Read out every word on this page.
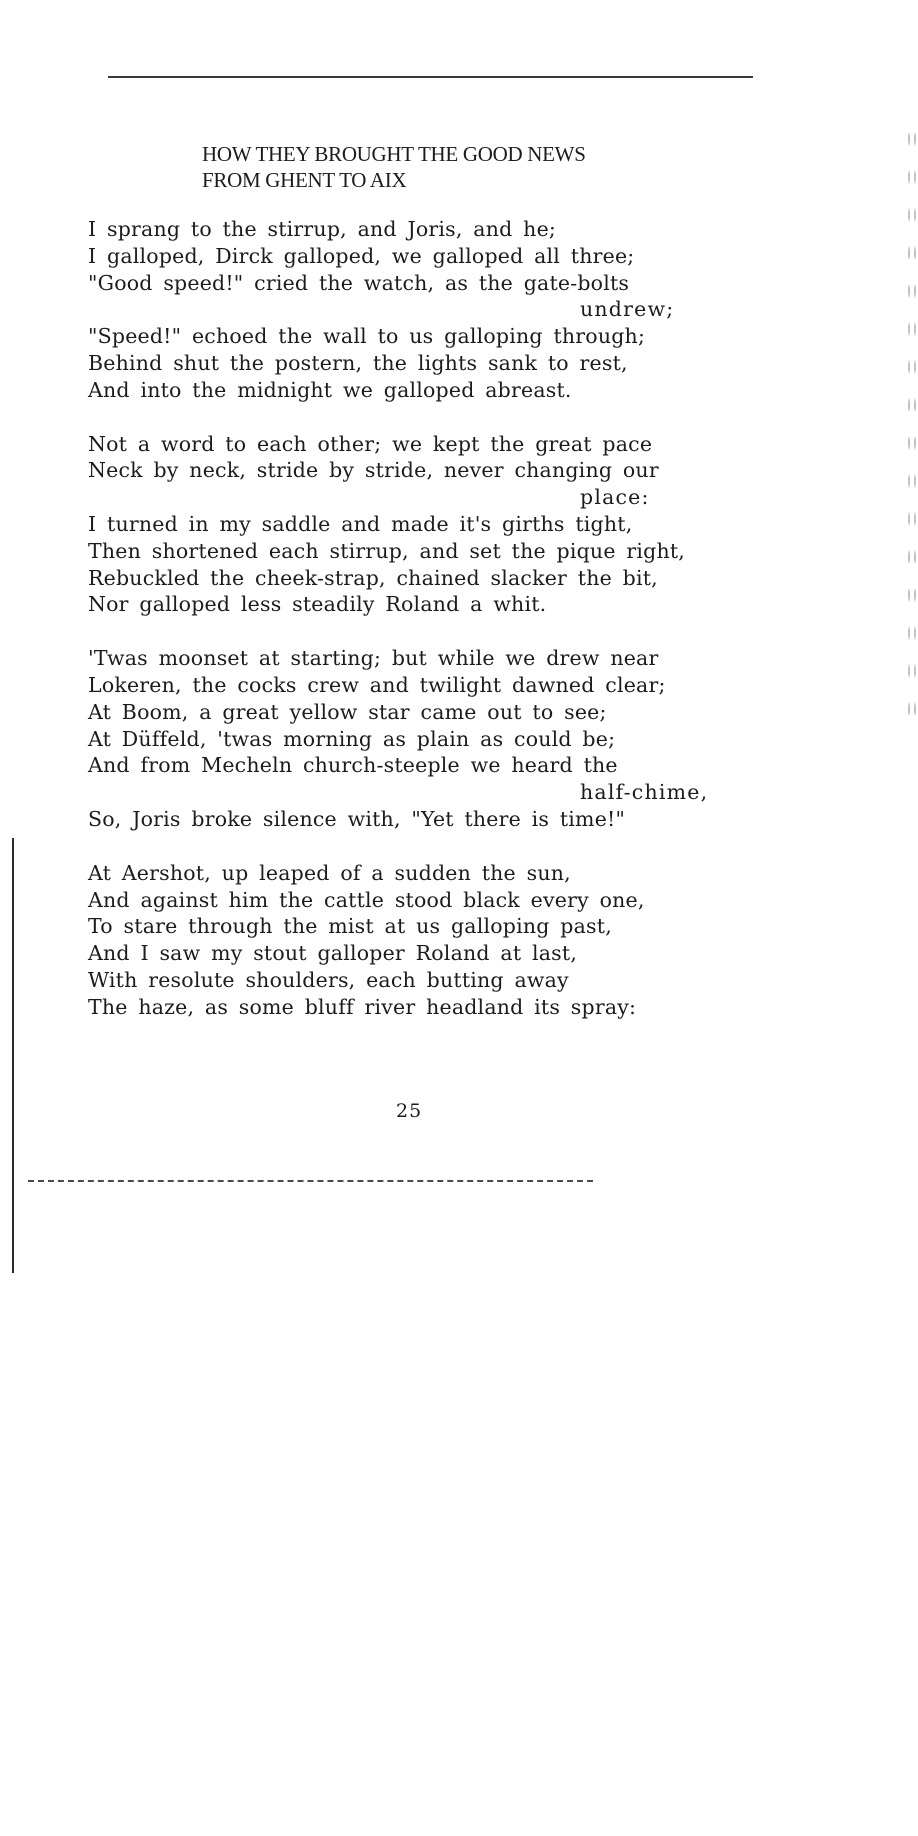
HOW THEY BROUGHT THE GOOD NEWS
FROM GHENT TO AIX
I sprang to the stirrup, and Joris, and he;
I galloped, Dirck galloped, we galloped all three;
"Good speed!" cried the watch, as the gate-bolts
undrew;
"Speed!" echoed the wall to us galloping through;
Behind shut the postern, the lights sank to rest,
And into the midnight we galloped abreast.
Not a word to each other; we kept the great pace
Neck by neck, stride by stride, never changing our
place:
I turned in my saddle and made it's girths tight,
Then shortened each stirrup, and set the pique right,
Rebuckled the cheek-strap, chained slacker the bit,
Nor galloped less steadily Roland a whit.
'Twas moonset at starting; but while we drew near
Lokeren, the cocks crew and twilight dawned clear;
At Boom, a great yellow star came out to see;
At Düffeld, 'twas morning as plain as could be;
And from Mecheln church-steeple we heard the
half-chime,
So, Joris broke silence with, "Yet there is time!"
At Aershot, up leaped of a sudden the sun,
And against him the cattle stood black every one,
To stare through the mist at us galloping past,
And I saw my stout galloper Roland at last,
With resolute shoulders, each butting away
The haze, as some bluff river headland its spray:
25
